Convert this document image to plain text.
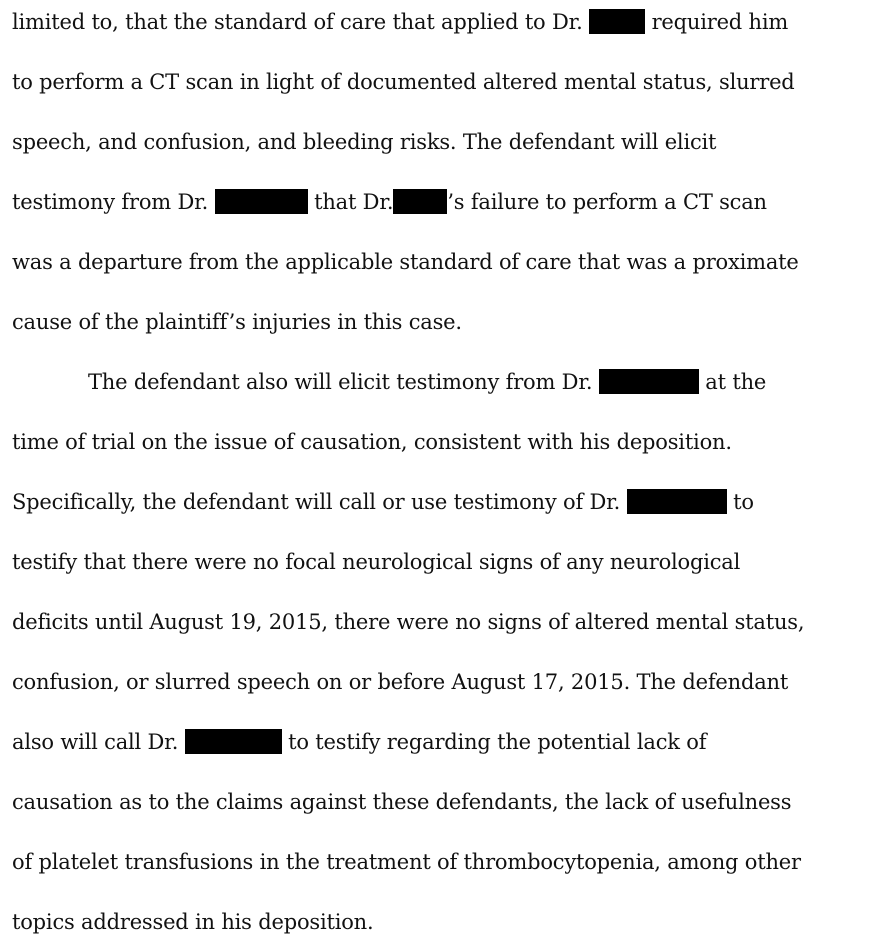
limited to, that the standard of care that applied to Dr.	required him
to perform a CT scan in light of documented altered mental status, slurred
speech, and confusion, and bleeding risks. The defendant will elicit
testimony from Dr.	that Dr.	’s failure to perform a CT scan
was a departure from the applicable standard of care that was a proximate
cause of the plaintiff’s injuries in this case.
The defendant also will elicit testimony from Dr.	at the
time of trial on the issue of causation, consistent with his deposition.
Specifically, the defendant will call or use testimony of Dr.	to
testify that there were no focal neurological signs of any neurological
deficits until August 19, 2015, there were no signs of altered mental status,
confusion, or slurred speech on or before August 17, 2015. The defendant
also will call Dr.	to testify regarding the potential lack of
causation as to the claims against these defendants, the lack of usefulness
of platelet transfusions in the treatment of thrombocytopenia, among other
topics addressed in his deposition.
